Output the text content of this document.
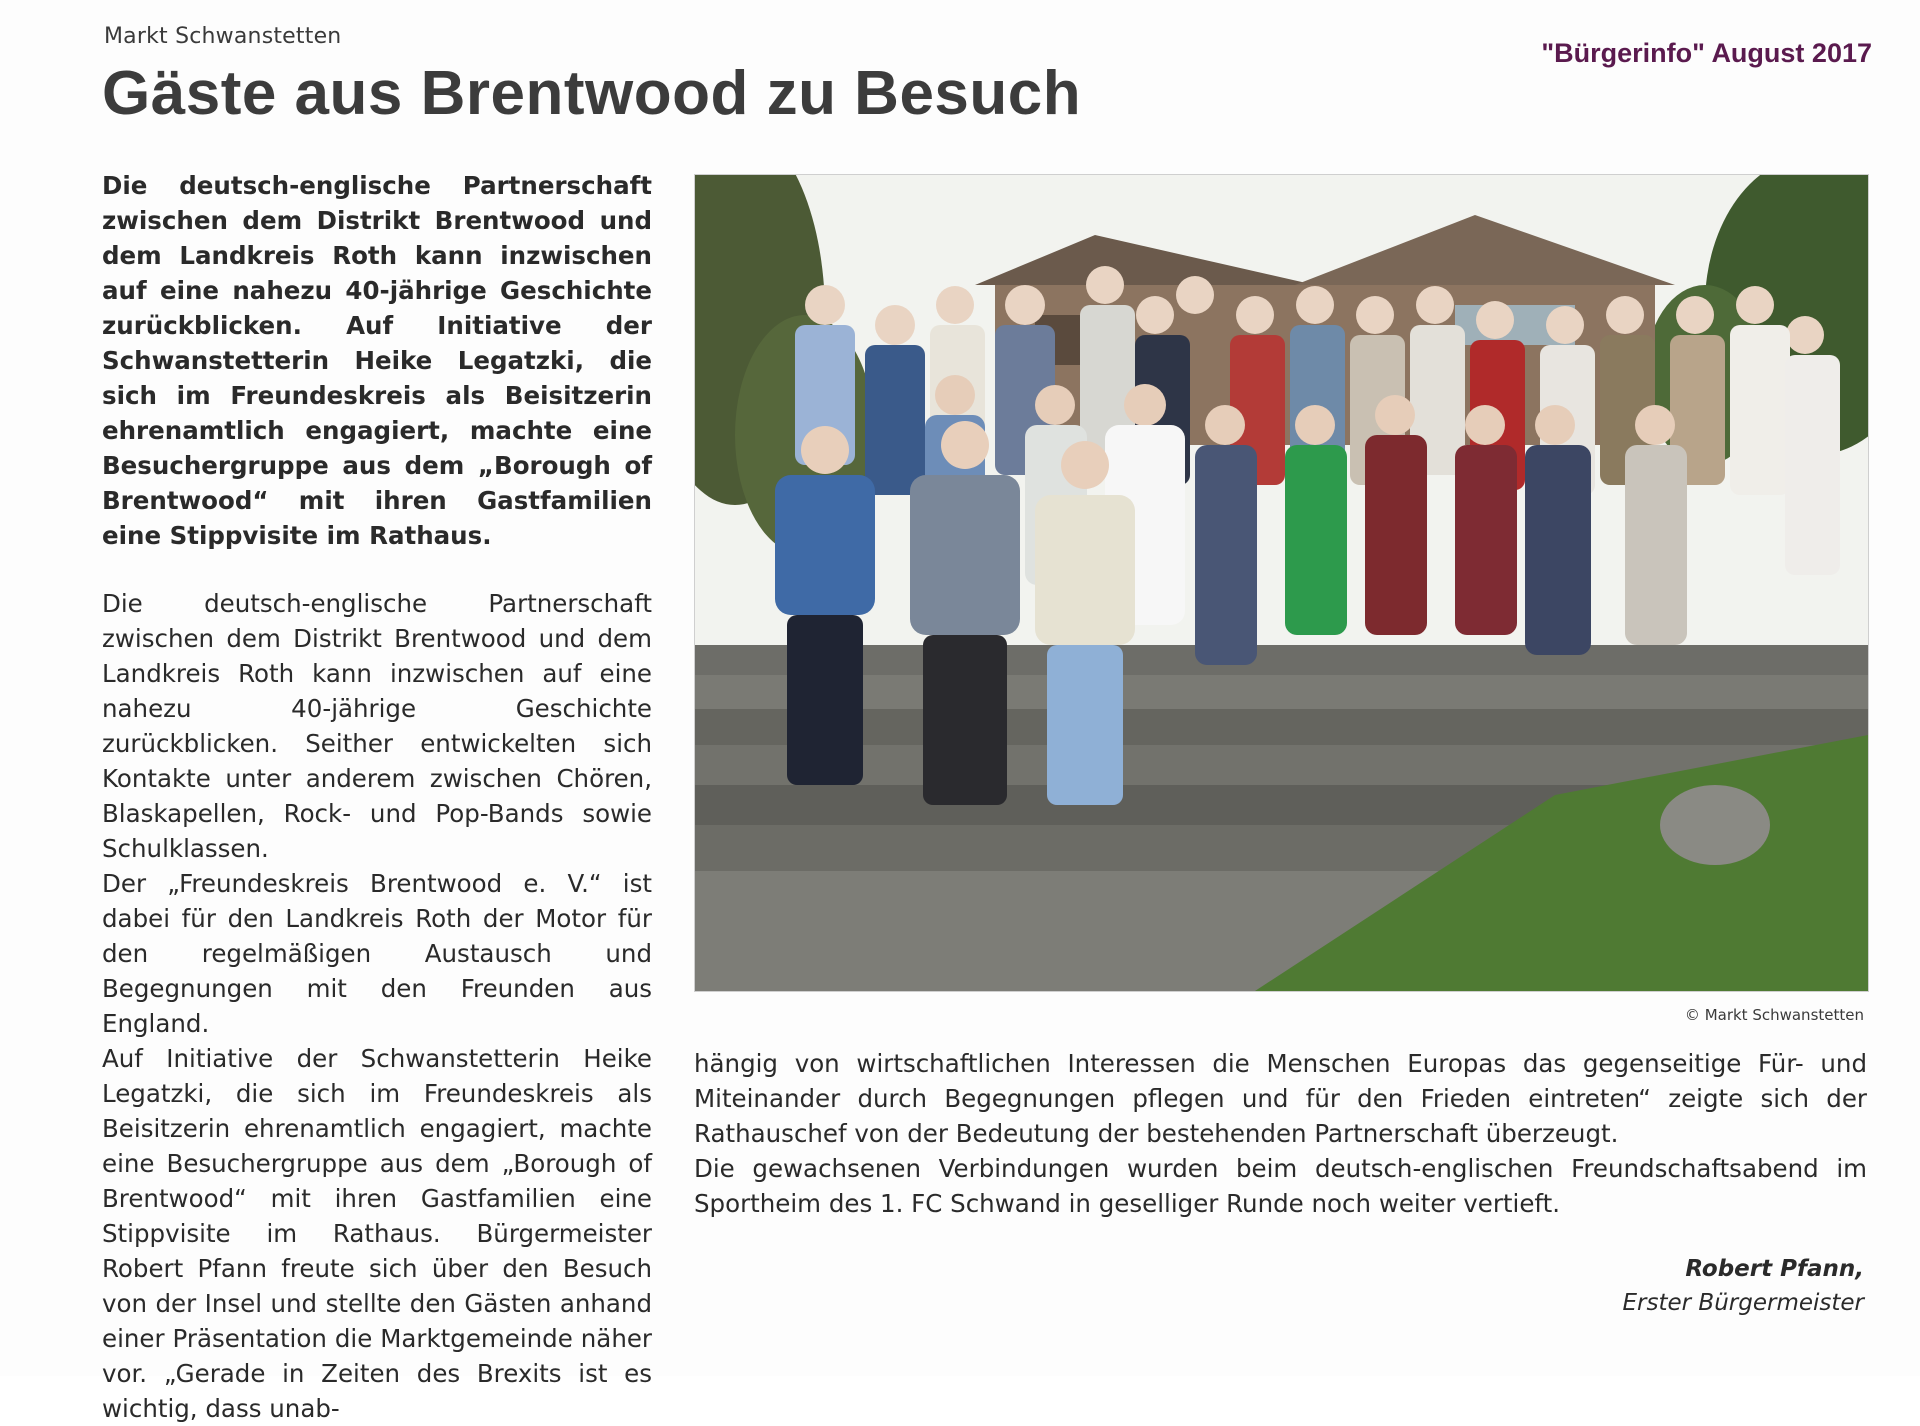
Markt Schwanstetten
"Bürgerinfo" August 2017
Gäste aus Brentwood zu Besuch

Die deutsch-englische Partnerschaft zwischen dem Distrikt Brentwood und dem Landkreis Roth kann inzwischen auf eine nahezu 40-jährige Geschichte zurückblicken. Auf Initiative der Schwanstetterin Heike Legatzki, die sich im Freundeskreis als Beisitzerin ehrenamtlich engagiert, machte eine Besuchergruppe aus dem „Borough of Brentwood“ mit ihren Gastfamilien eine Stippvisite im Rathaus.

Die deutsch-englische Partnerschaft zwischen dem Distrikt Brentwood und dem Landkreis Roth kann inzwischen auf eine nahezu 40-jährige Geschichte zurückblicken. Seither entwickelten sich Kontakte unter anderem zwischen Chören, Blaskapellen, Rock- und Pop-Bands sowie Schulklassen.

Der „Freundeskreis Brentwood e. V.“ ist dabei für den Landkreis Roth der Motor für den regelmäßigen Austausch und Begegnungen mit den Freunden aus England.

Auf Initiative der Schwanstetterin Heike Legatzki, die sich im Freundeskreis als Beisitzerin ehrenamtlich engagiert, machte eine Besuchergruppe aus dem „Borough of Brentwood“ mit ihren Gastfamilien eine Stippvisite im Rathaus. Bürgermeister Robert Pfann freute sich über den Besuch von der Insel und stellte den Gästen anhand einer Präsentation die Marktgemeinde näher vor. „Gerade in Zeiten des Brexits ist es wichtig, dass unab-

© Markt Schwanstetten

hängig von wirtschaftlichen Interessen die Menschen Europas das gegenseitige Für- und Miteinander durch Begegnungen pflegen und für den Frieden eintreten“ zeigte sich der Rathauschef von der Bedeutung der bestehenden Partnerschaft überzeugt.

Die gewachsenen Verbindungen wurden beim deutsch-englischen Freundschaftsabend im Sportheim des 1. FC Schwand in geselliger Runde noch weiter vertieft.

Robert Pfann,
Erster Bürgermeister
